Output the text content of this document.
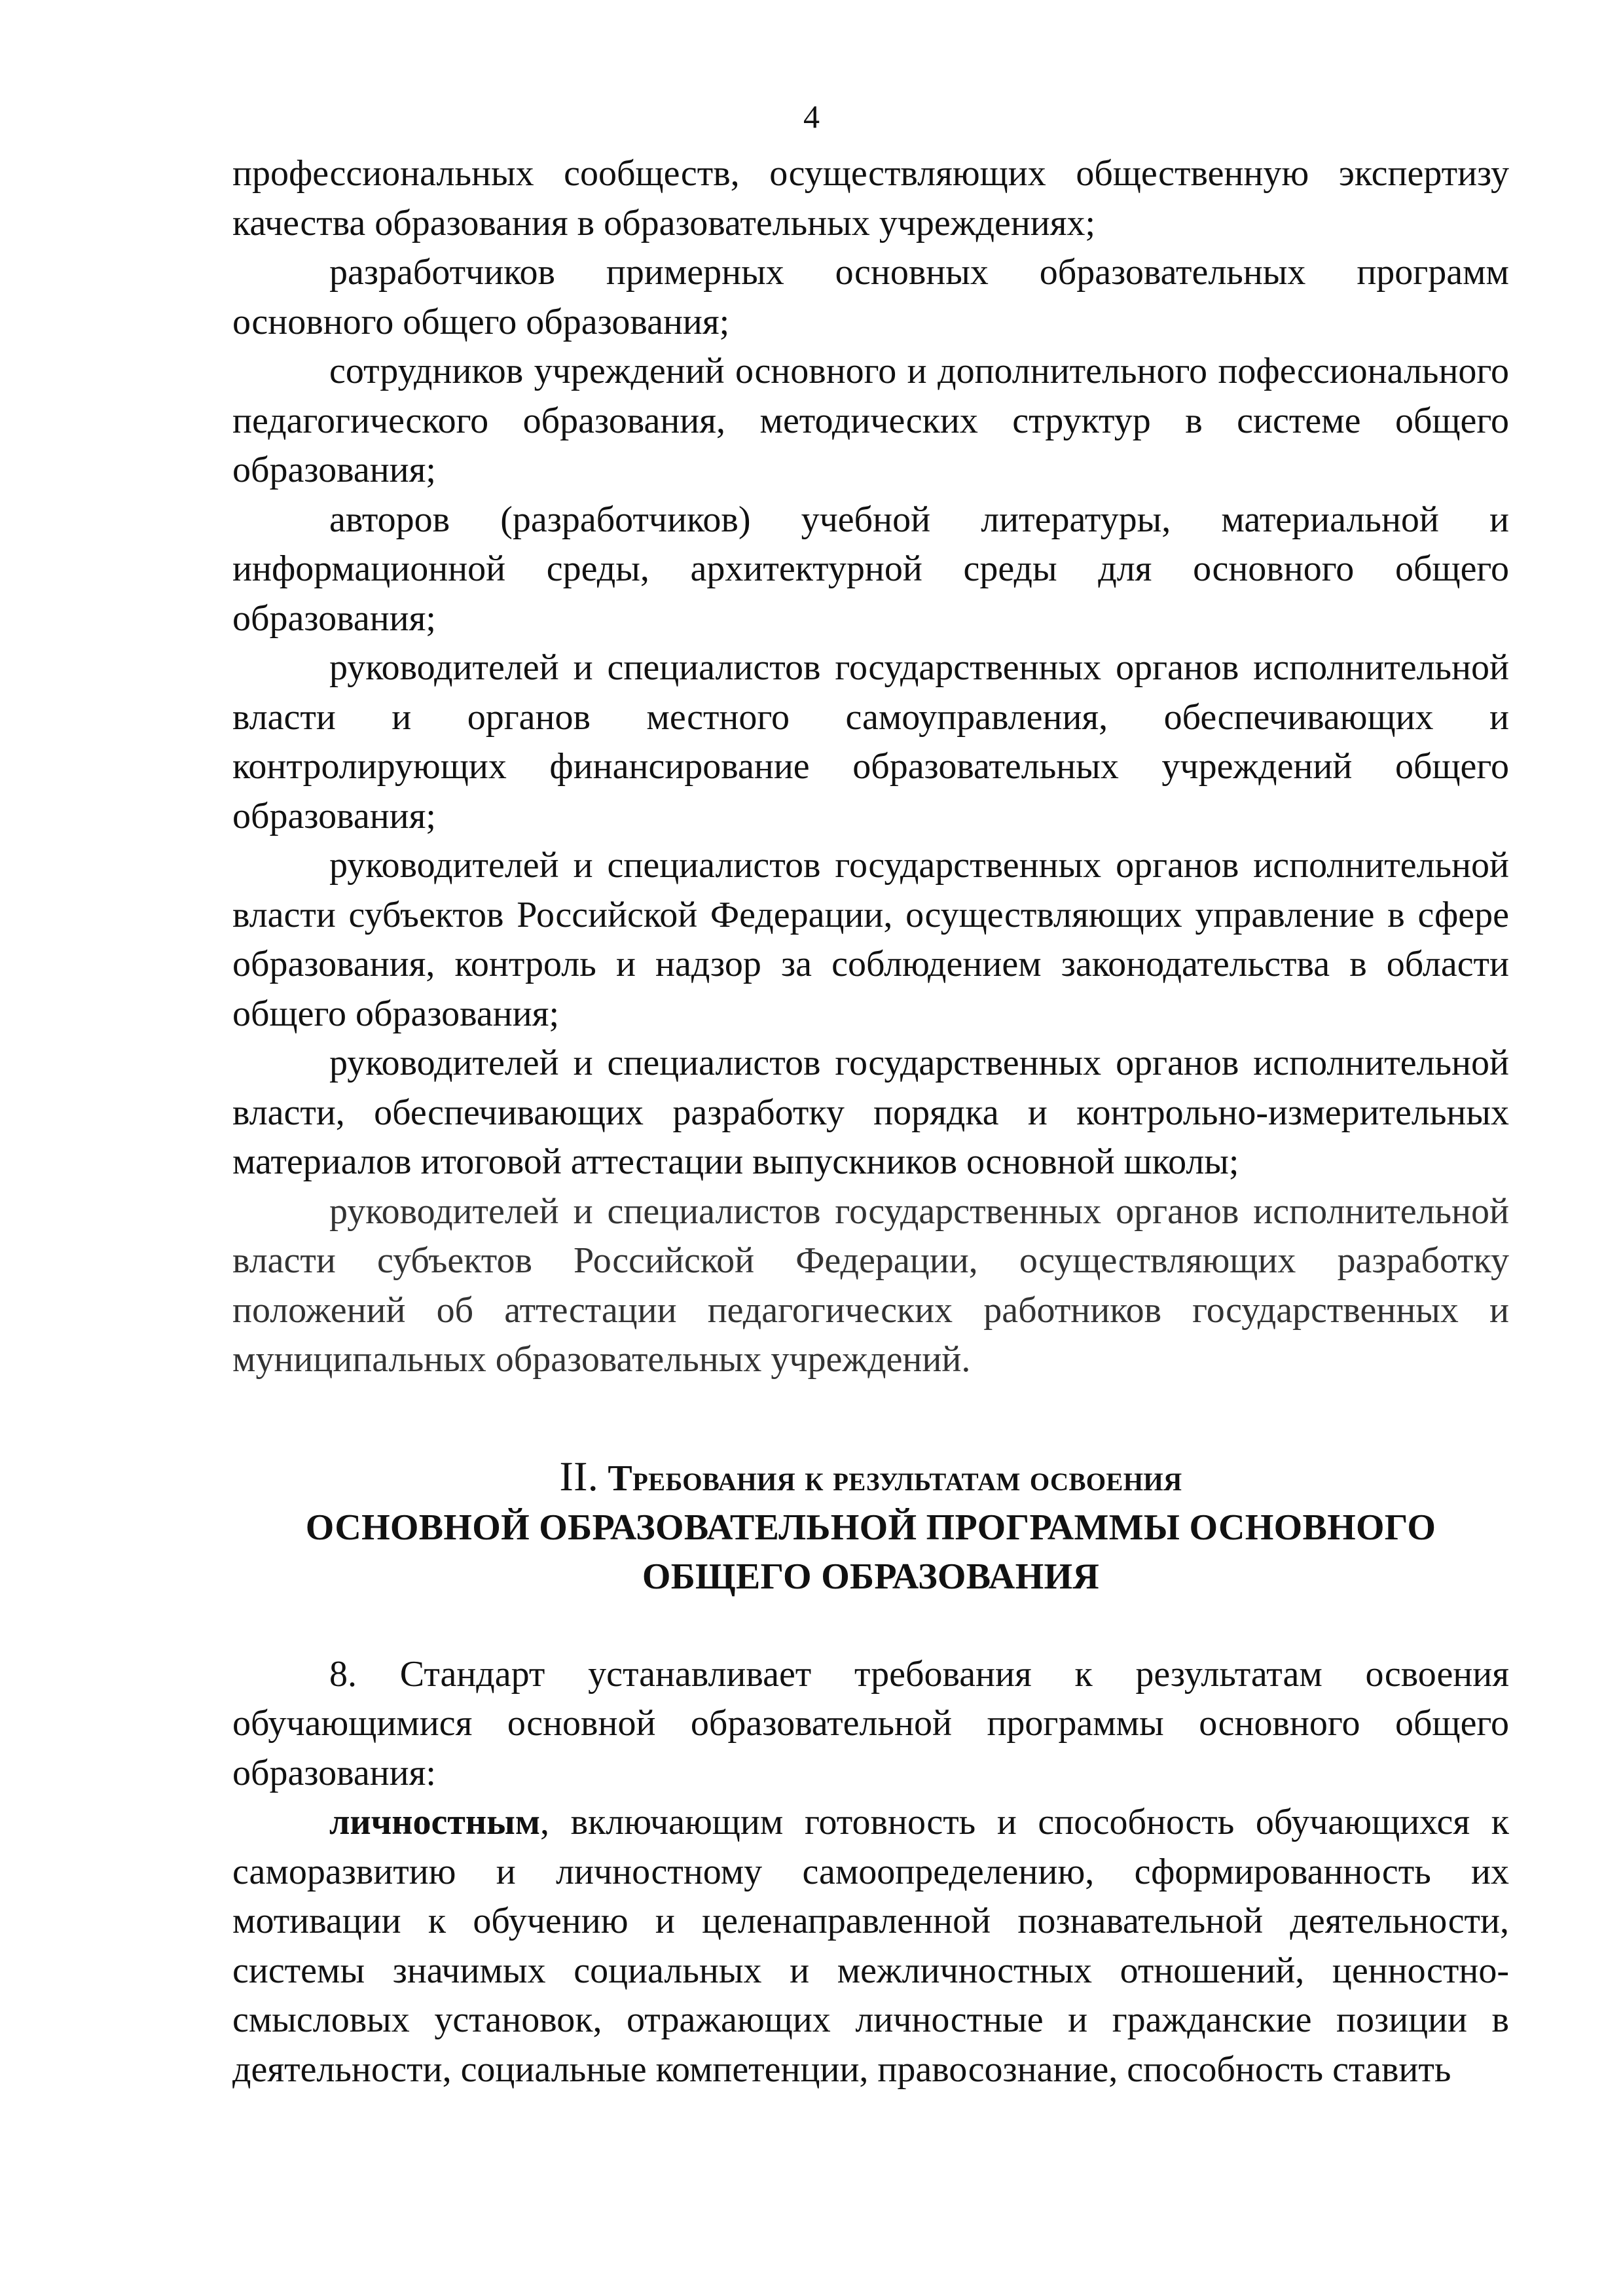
4

профессиональных сообществ, осуществляющих общественную экспертизу качества образования в образовательных учреждениях;

разработчиков примерных основных образовательных программ основного общего образования;

сотрудников учреждений основного и дополнительного пофессионального педагогического образования, методических структур в системе общего образования;

авторов (разработчиков) учебной литературы, материальной и информационной среды, архитектурной среды для основного общего образования;

руководителей и специалистов государственных органов исполнительной власти и органов местного самоуправления, обеспечивающих и контролирующих финансирование образовательных учреждений общего образования;

руководителей и специалистов государственных органов исполнительной власти субъектов Российской Федерации, осуществляющих управление в сфере образования, контроль и надзор за соблюдением законодательства в области общего образования;

руководителей и специалистов государственных органов исполнительной власти, обеспечивающих разработку порядка и контрольно-измерительных материалов итоговой аттестации выпускников основной школы;

руководителей и специалистов государственных органов исполнительной власти субъектов Российской Федерации, осуществляющих разработку положений об аттестации педагогических работников государственных и муниципальных образовательных учреждений.

II. Требования к результатам освоения
ОСНОВНОЙ ОБРАЗОВАТЕЛЬНОЙ ПРОГРАММЫ ОСНОВНОГО
ОБЩЕГО ОБРАЗОВАНИЯ

8. Стандарт устанавливает требования к результатам освоения обучающимися основной образовательной программы основного общего образования:

личностным, включающим готовность и способность обучающихся к саморазвитию и личностному самоопределению, сформированность их мотивации к обучению и целенаправленной познавательной деятельности, системы значимых социальных и межличностных отношений, ценностно-смысловых установок, отражающих личностные и гражданские позиции в деятельности, социальные компетенции, правосознание, способность ставить
